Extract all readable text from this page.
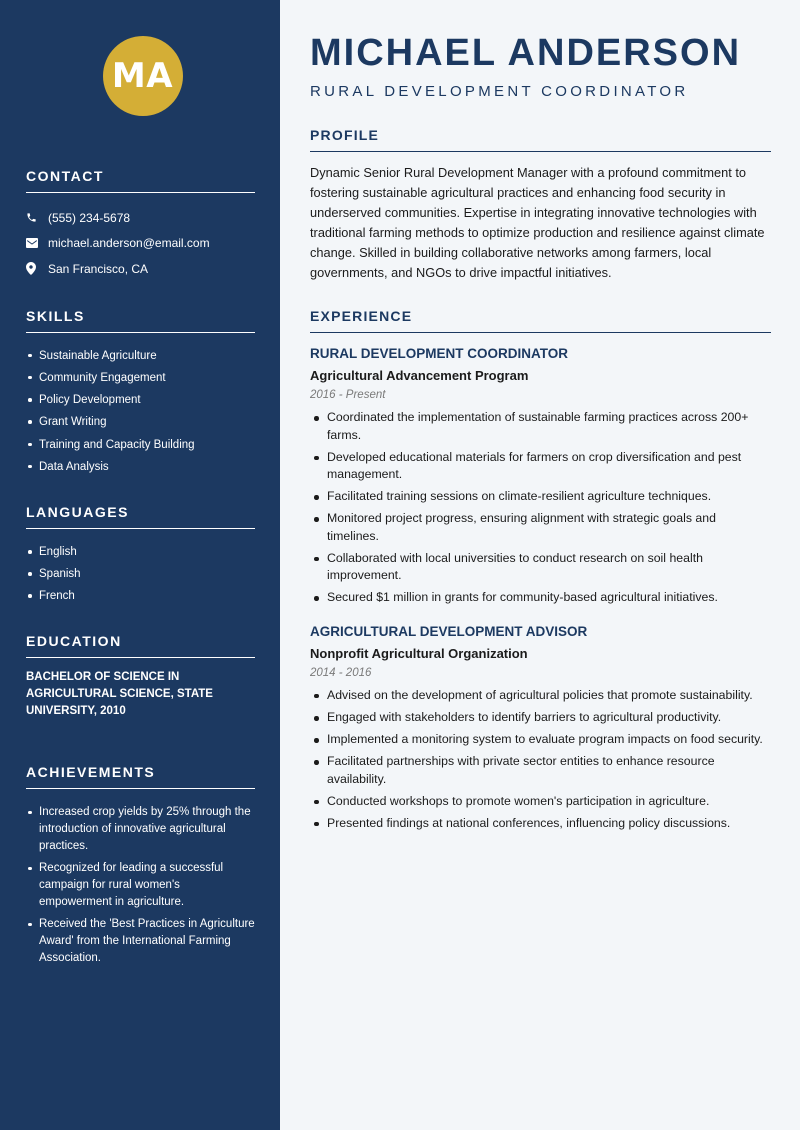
MA
CONTACT
(555) 234-5678
michael.anderson@email.com
San Francisco, CA
SKILLS
Sustainable Agriculture
Community Engagement
Policy Development
Grant Writing
Training and Capacity Building
Data Analysis
LANGUAGES
English
Spanish
French
EDUCATION

BACHELOR OF SCIENCE IN AGRICULTURAL SCIENCE, STATE UNIVERSITY, 2010

ACHIEVEMENTS
Increased crop yields by 25% through the introduction of innovative agricultural practices.
Recognized for leading a successful campaign for rural women's empowerment in agriculture.
Received the 'Best Practices in Agriculture Award' from the International Farming Association.
MICHAEL ANDERSON
RURAL DEVELOPMENT COORDINATOR
PROFILE

Dynamic Senior Rural Development Manager with a profound commitment to fostering sustainable agricultural practices and enhancing food security in underserved communities. Expertise in integrating innovative technologies with traditional farming methods to optimize production and resilience against climate change. Skilled in building collaborative networks among farmers, local governments, and NGOs to drive impactful initiatives.

EXPERIENCE
RURAL DEVELOPMENT COORDINATOR
Agricultural Advancement Program
2016 - Present
Coordinated the implementation of sustainable farming practices across 200+ farms.
Developed educational materials for farmers on crop diversification and pest management.
Facilitated training sessions on climate-resilient agriculture techniques.
Monitored project progress, ensuring alignment with strategic goals and timelines.
Collaborated with local universities to conduct research on soil health improvement.
Secured $1 million in grants for community-based agricultural initiatives.
AGRICULTURAL DEVELOPMENT ADVISOR
Nonprofit Agricultural Organization
2014 - 2016
Advised on the development of agricultural policies that promote sustainability.
Engaged with stakeholders to identify barriers to agricultural productivity.
Implemented a monitoring system to evaluate program impacts on food security.
Facilitated partnerships with private sector entities to enhance resource availability.
Conducted workshops to promote women's participation in agriculture.
Presented findings at national conferences, influencing policy discussions.
